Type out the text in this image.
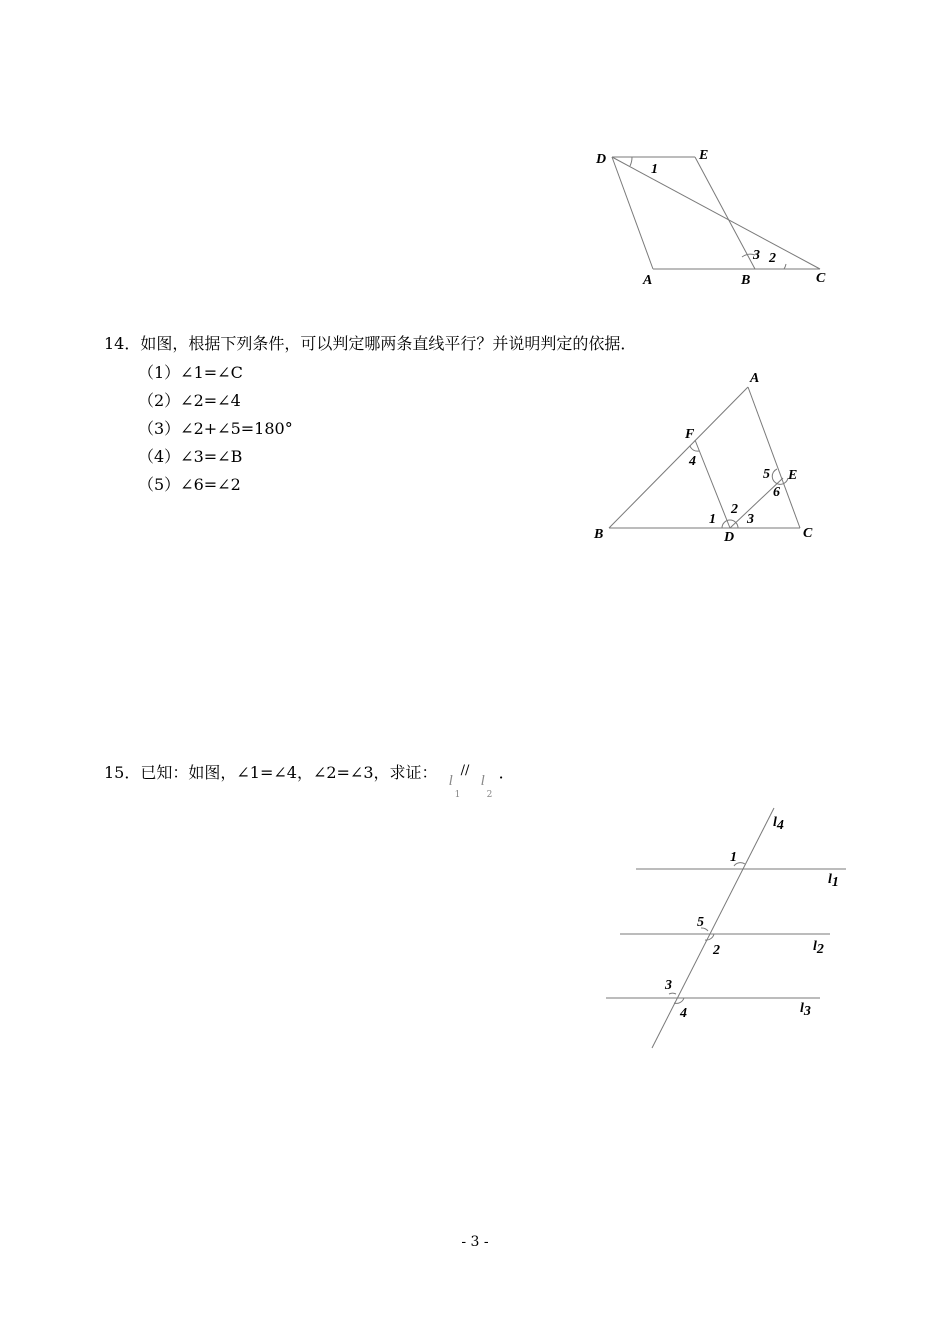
D	E
A	B	C
1
3 2
14．如图，根据下列条件，可以判定哪两条直线平行？并说明判定的依据．
（1）∠1=∠C
（2）∠2=∠4
（3）∠2+∠5=180°
（4）∠3=∠B
（5）∠6=∠2
A
F
E
B	D	C
4
5
6
1
2
3
15．已知：如图，∠1=∠4，∠2=∠3，求证： l
1
//
l
2
．
l4
l1
l2
l3
1
5
2
3
4
- 3 -
